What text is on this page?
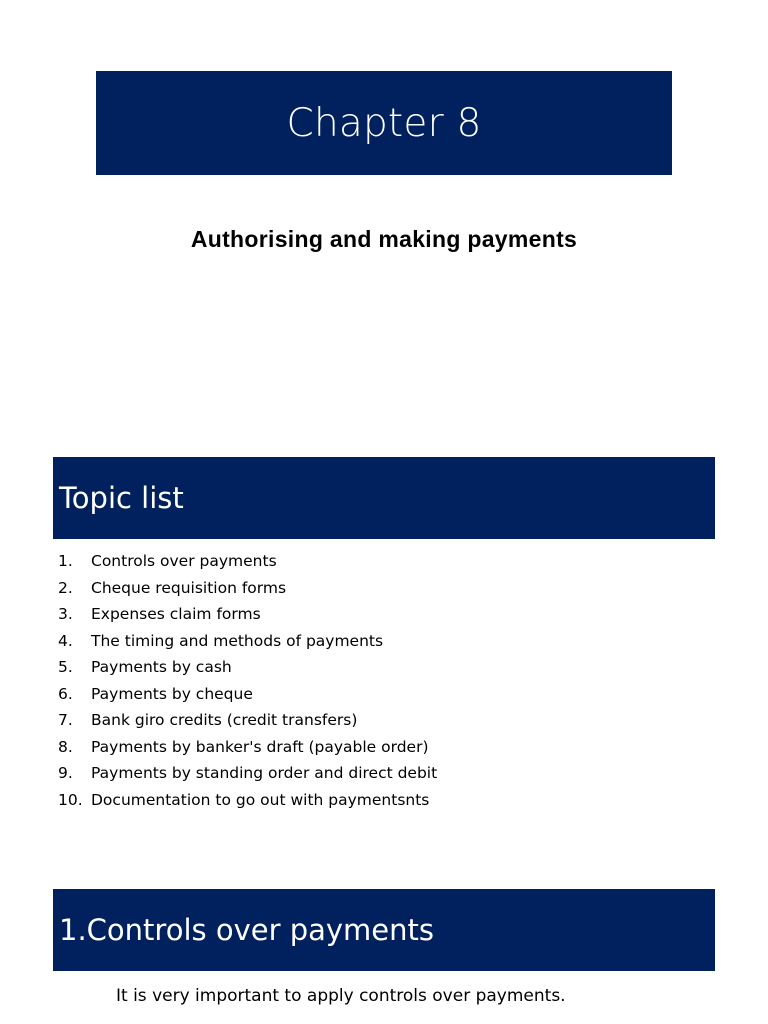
Chapter 8
Authorising and making payments
Topic list
1.	Controls over payments
2.	Cheque requisition forms
3.	Expenses claim forms
4.	The timing and methods of payments
5.	Payments by cash
6.	Payments by cheque
7.	Bank giro credits (credit transfers)
8.	Payments by banker's draft (payable order)
9.	Payments by standing order and direct debit
10. Documentation to go out with paymentsnts
1.Controls over payments
It is very important to apply controls over payments.
